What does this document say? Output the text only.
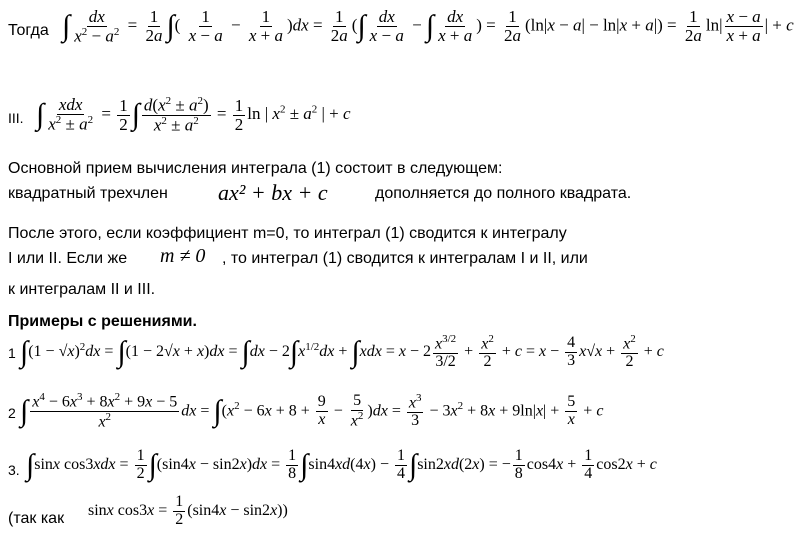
Тогда ∫ $\frac{dx}{x^2 - a^2} = \frac{1}{2a}$ ∫( $\frac{1}{x - a} - \frac{1}{x + a} )dx = \frac{1}{2a}$ (∫ $\frac{dx}{x - a}$ − ∫ $\frac{dx}{x + a}$ ) = $\frac{1}{2a} (\ln|x - a| - \ln|x + a|) = \frac{1}{2a} \ln| \frac{x - a}{x + a}$ | + c
III. ∫ $\frac{\text{xdx}}{x^2 \pm a^2} = \frac{1}{2}$ ∫ $\frac{d(x^2 \pm a^2)}{x^2 \pm a^2} = \frac{1}{2}$ ln | $x^2 \pm a^2$ | + c
Основной прием вычисления интеграла (1) состоит в следующем:
квадратный трехчлен ax² + bx + c	дополняется до полного квадрата.
После этого, если коэффициент m=0, то интеграл (1) сводится к интегралу
I или II. Если же m ≠ 0 , то интеграл (1) сводится к интегралам I и II, или
к интегралам II и III.
Примеры с решениями.
1 $\int(1 - √x)^2dx = \int(1 - 2√x + x)dx = \int dx - 2\int x^{1/2}dx + \int xdx = x - 2 \frac{x^{3/2}}{3/2} + \frac{x^2}{2} + c = x - \frac{4}{3} x√x + \frac{x^2}{2} + c$
2 ∫ $\frac{x^4 - 6x^3 + 8x^2 + 9x - 5}{x^2}$ dx = $\int(x^2 - 6x + 8 + \frac{9}{x} - \frac{5}{x^2} )dx = \frac{x^3}{3} - 3x^2 + 8x + 9\ln|x| + \frac{5}{x} + c$
3. ∫sinx $\cos 3xdx = \frac{1}{2} \int(\sin 4x - \sin 2x)dx = \frac{1}{8} \int\sin 4xd(4x) - \frac{1}{4} \int\sin 2xd(2x)$ = − $\frac{1}{8} \cos 4x + \frac{1}{4} \cos 2x + c$
(так как sinx $\cos 3x = \frac{1}{2} (\sin 4x - \sin 2x)$)
